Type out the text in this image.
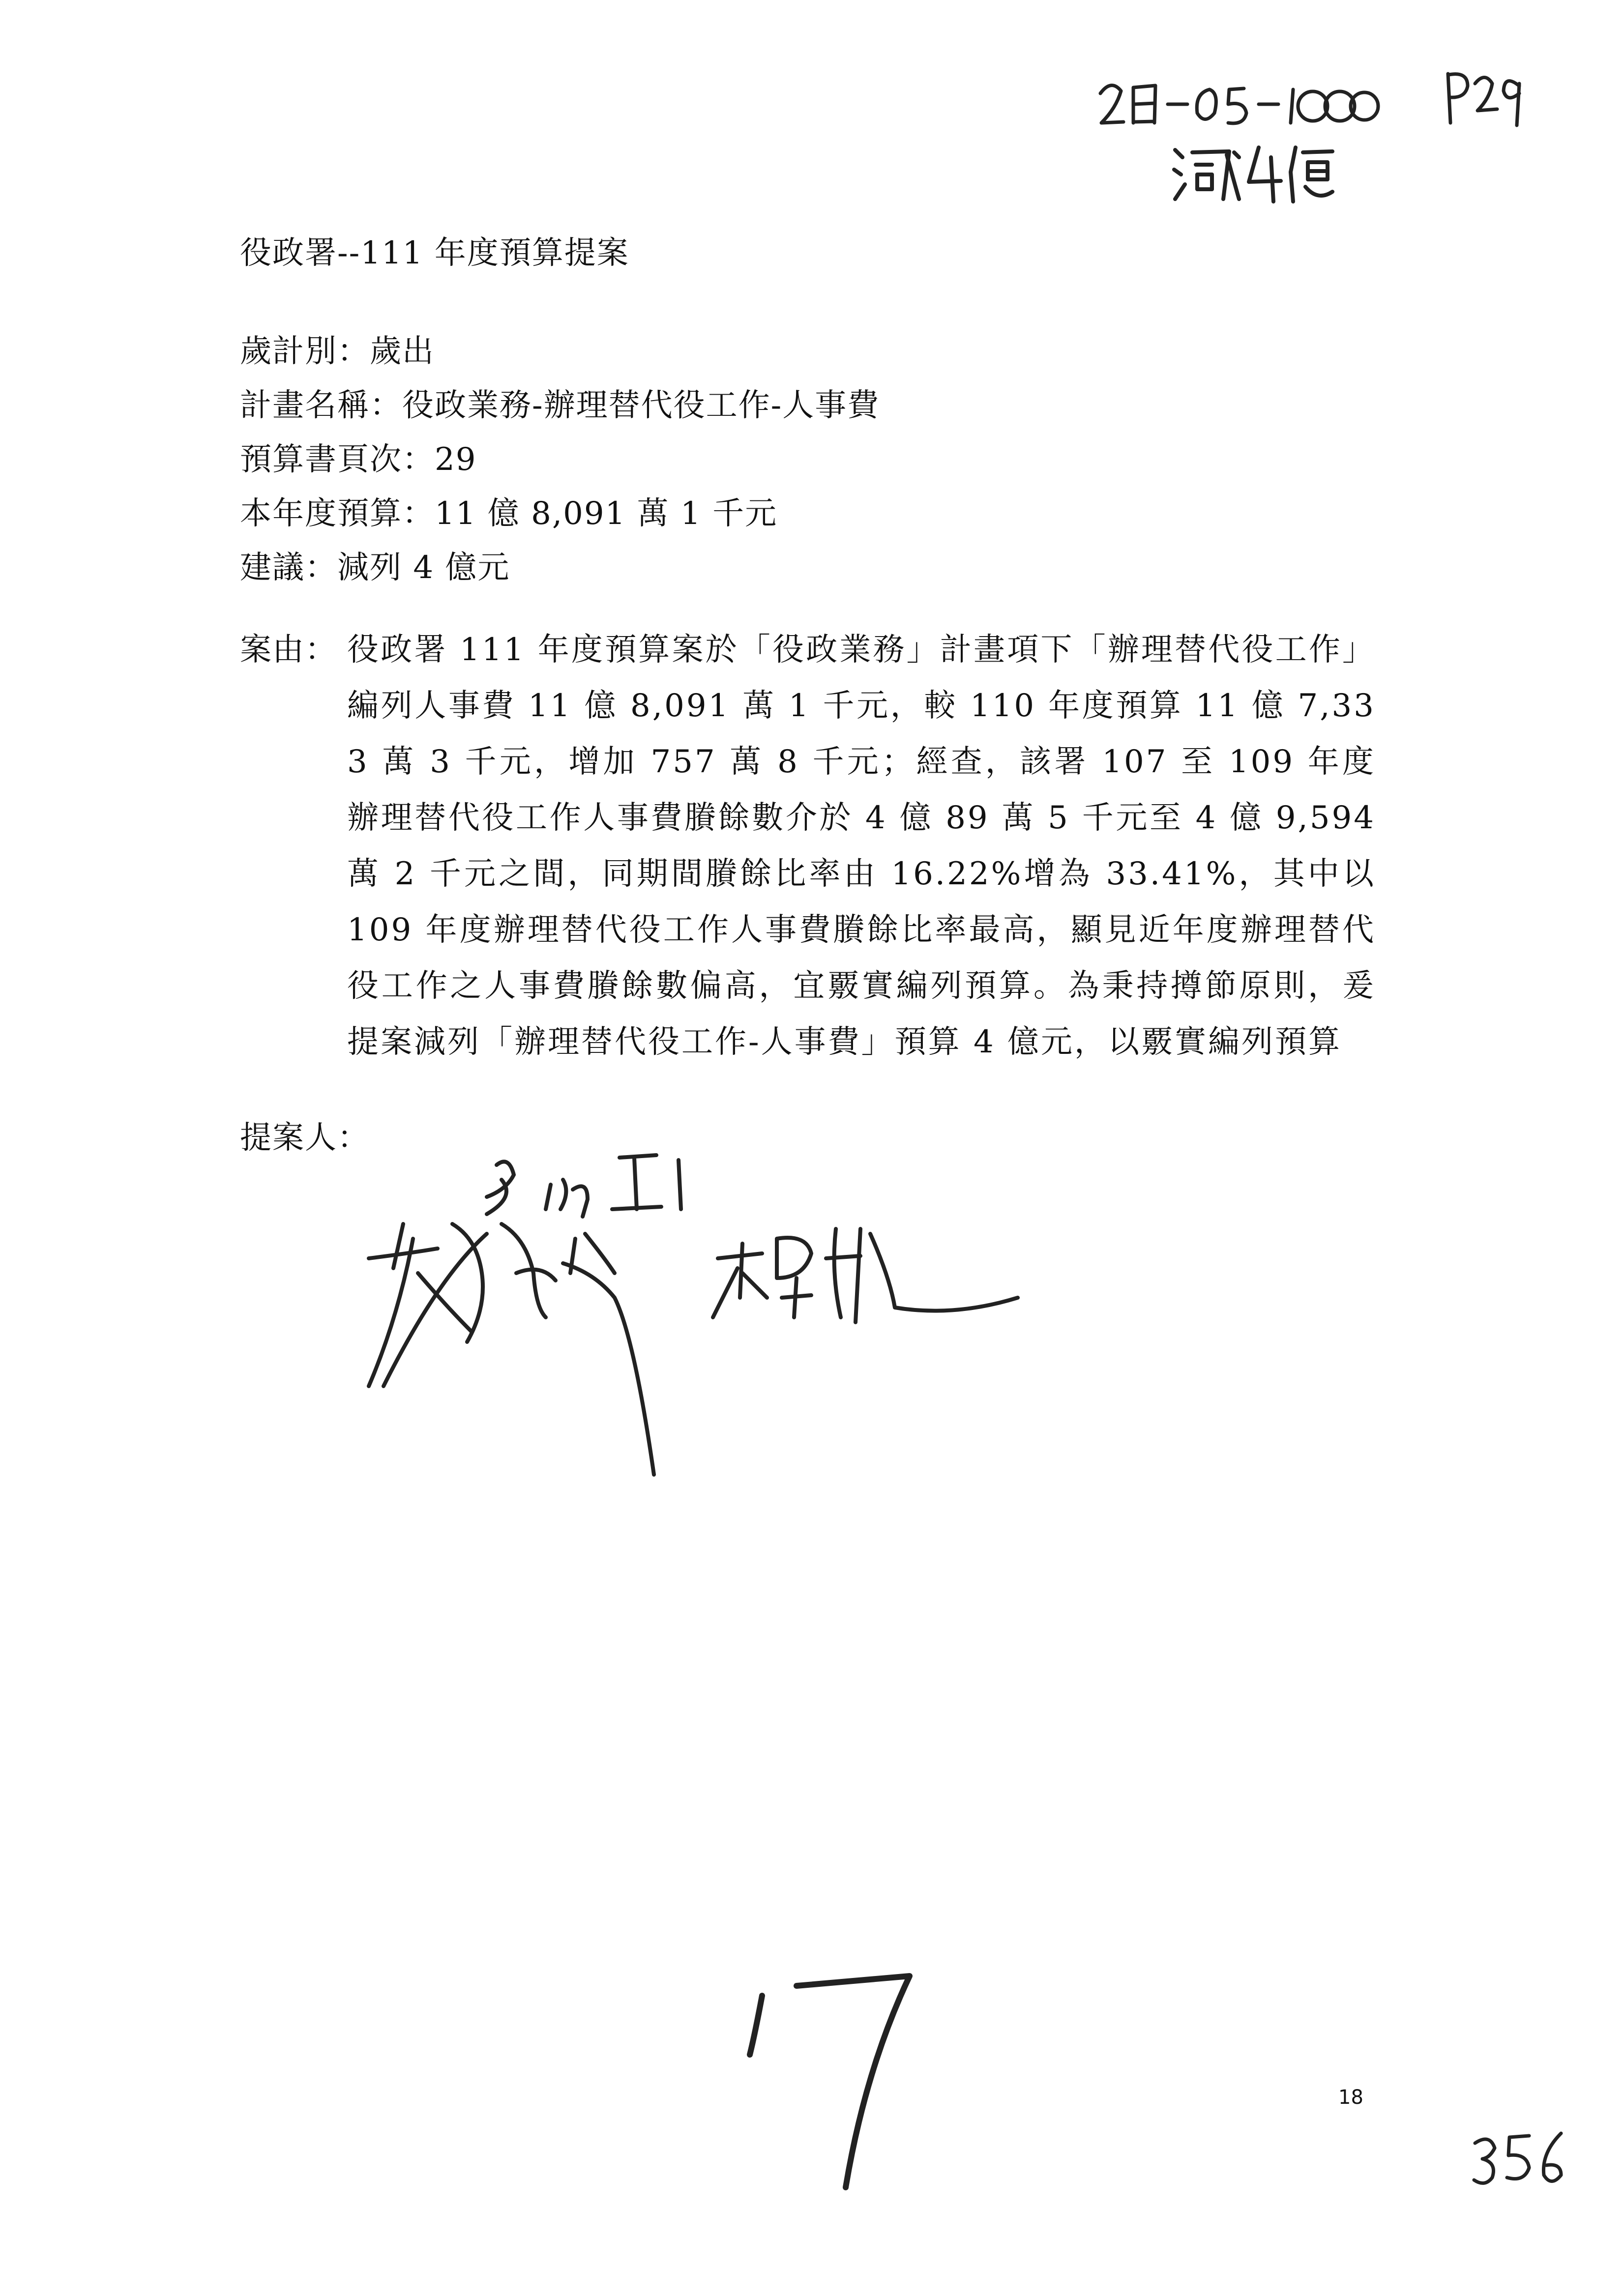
役政署--111 年度預算提案
歲計別：歲出
計畫名稱：役政業務-辦理替代役工作-人事費
預算書頁次：29
本年度預算：11 億 8,091 萬 1 千元
建議：減列 4 億元
案由： 役政署 111 年度預算案於「役政業務」計畫項下「辦理替代役工作」編列人事費 11 億 8,091 萬 1 千元，較 110 年度預算 11 億 7,333 萬 3 千元，增加 757 萬 8 千元；經查，該署 107 至 109 年度辦理替代役工作人事費賸餘數介於 4 億 89 萬 5 千元至 4 億 9,594 萬 2 千元之間，同期間賸餘比率由 16.22%增為 33.41%，其中以 109 年度辦理替代役工作人事費賸餘比率最高，顯見近年度辦理替代役工作之人事費賸餘數偏高，宜覈實編列預算。為秉持撙節原則，爰提案減列「辦理替代役工作-人事費」預算 4 億元，以覈實編列預算
提案人：
18
